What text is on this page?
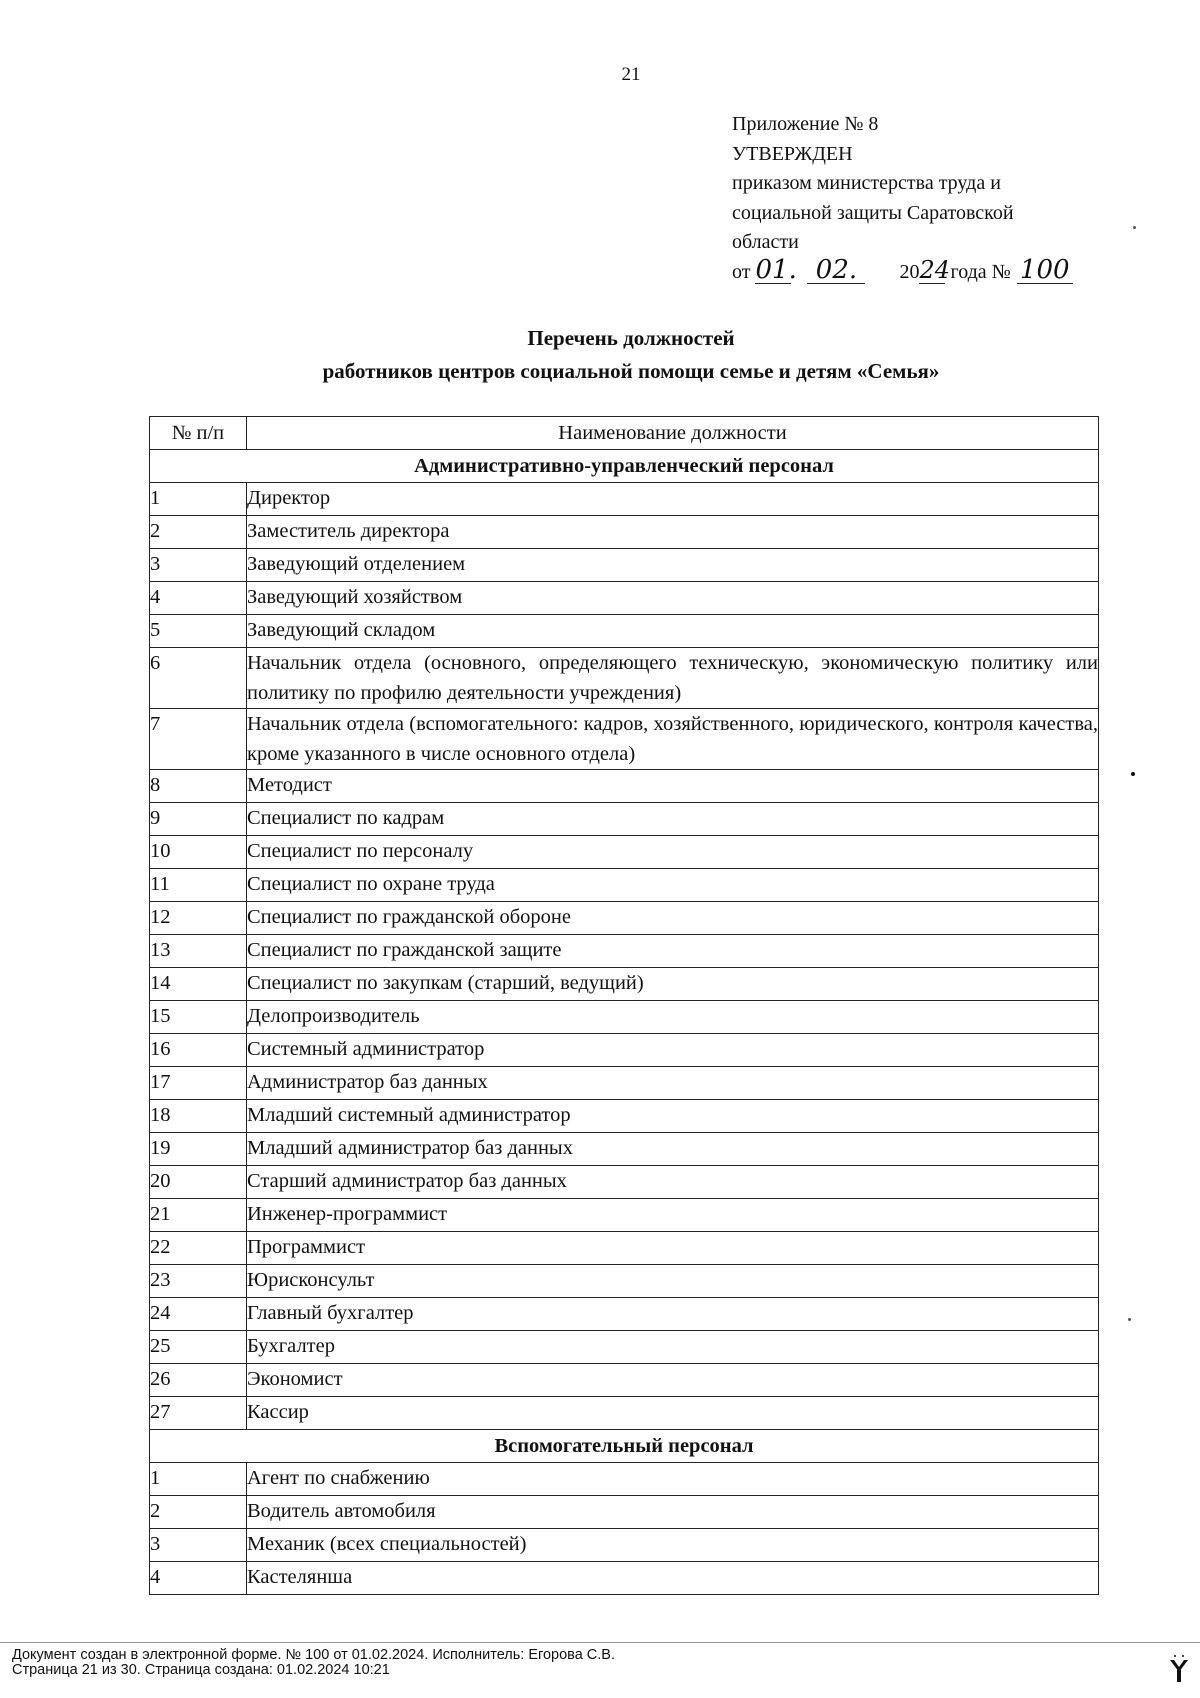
21
Приложение № 8
УТВЕРЖДЕН
приказом министерства труда и
социальной защиты Саратовской
области
от 01. 02. 2024 года № 100
Перечень должностей
работников центров социальной помощи семье и детям «Семья»
№ п/п	Наименование должности
Административно-управленческий персонал	
1	Директор
2	Заместитель директора
3	Заведующий отделением
4	Заведующий хозяйством
5	Заведующий складом
6	Начальник отдела (основного, определяющего техническую, экономическую политику или политику по профилю деятельности учреждения)
7	Начальник отдела (вспомогательного: кадров, хозяйственного, юридического, контроля качества, кроме указанного в числе основного отдела)
8	Методист
9	Специалист по кадрам
10	Специалист по персоналу
11	Специалист по охране труда
12	Специалист по гражданской обороне
13	Специалист по гражданской защите
14	Специалист по закупкам (старший, ведущий)
15	Делопроизводитель
16	Системный администратор
17	Администратор баз данных
18	Младший системный администратор
19	Младший администратор баз данных
20	Старший администратор баз данных
21	Инженер-программист
22	Программист
23	Юрисконсульт
24	Главный бухгалтер
25	Бухгалтер
26	Экономист
27	Кассир
Вспомогательный персонал	
1	Агент по снабжению
2	Водитель автомобиля
3	Механик (всех специальностей)
4	Кастелянша
Документ создан в электронной форме. № 100 от 01.02.2024. Исполнитель: Егорова С.В.
Страница 21 из 30. Страница создана: 01.02.2024 10:21
